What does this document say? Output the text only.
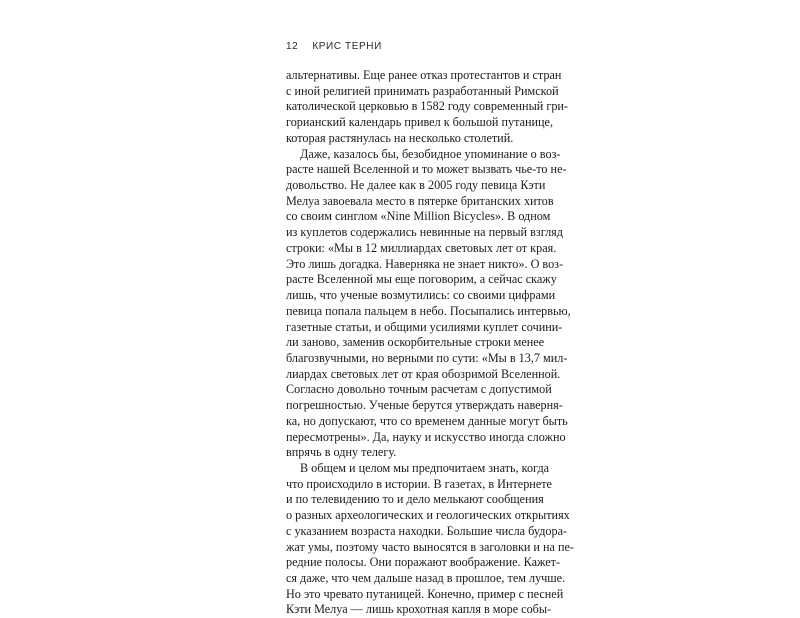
12 КРИС ТЕРНИ
альтернативы. Еще ранее отказ протестантов и стран
с иной религией принимать разработанный Римской
католической церковью в 1582 году современный гри-
горианский календарь привел к большой путанице,
которая растянулась на несколько столетий.
Даже, казалось бы, безобидное упоминание о воз-
расте нашей Вселенной и то может вызвать чье-то не-
довольство. Не далее как в 2005 году певица Кэти
Мелуа завоевала место в пятерке британских хитов
со своим синглом «Nine Million Bicycles». В одном
из куплетов содержались невинные на первый взгляд
строки: «Мы в 12 миллиардах световых лет от края.
Это лишь догадка. Наверняка не знает никто». О воз-
расте Вселенной мы еще поговорим, а сейчас скажу
лишь, что ученые возмутились: со своими цифрами
певица попала пальцем в небо. Посыпались интервью,
газетные статьи, и общими усилиями куплет сочини-
ли заново, заменив оскорбительные строки менее
благозвучными, но верными по сути: «Мы в 13,7 мил-
лиардах световых лет от края обозримой Вселенной.
Согласно довольно точным расчетам с допустимой
погрешностью. Ученые берутся утверждать наверня-
ка, но допускают, что со временем данные могут быть
пересмотрены». Да, науку и искусство иногда сложно
впрячь в одну телегу.
В общем и целом мы предпочитаем знать, когда
что происходило в истории. В газетах, в Интернете
и по телевидению то и дело мелькают сообщения
о разных археологических и геологических открытиях
с указанием возраста находки. Большие числа будора-
жат умы, поэтому часто выносятся в заголовки и на пе-
редние полосы. Они поражают воображение. Кажет-
ся даже, что чем дальше назад в прошлое, тем лучше.
Но это чревато путаницей. Конечно, пример с песней
Кэти Мелуа — лишь крохотная капля в море собы-
